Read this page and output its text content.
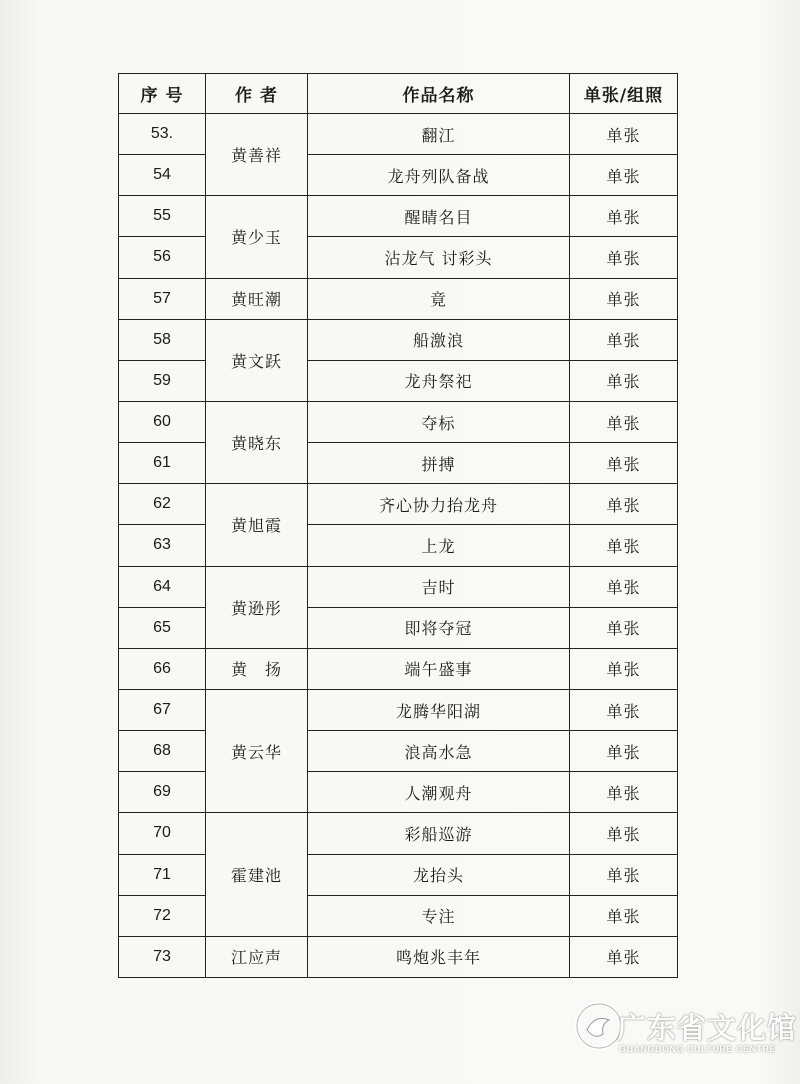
序 号	作 者	作品名称	单张/组照
53.	黄善祥	翻江	单张
54		龙舟列队备战	单张
55	黄少玉	醒睛名目	单张
56		沾龙气 讨彩头	单张
57	黄旺潮	竟	单张
58	黄文跃	船激浪	单张
59		龙舟祭祀	单张
60	黄晓东	夺标	单张
61		拼搏	单张
62	黄旭霞	齐心协力抬龙舟	单张
63		上龙	单张
64	黄逊彤	吉时	单张
65		即将夺冠	单张
66	黄　扬	端午盛事	单张
67	黄云华	龙腾华阳湖	单张
68		浪高水急	单张
69		人潮观舟	单张
70	霍建池	彩船巡游	单张
71		龙抬头	单张
72		专注	单张
73	江应声	鸣炮兆丰年	单张
广东省文化馆
GUANGDONG CULTURE CENTRE
